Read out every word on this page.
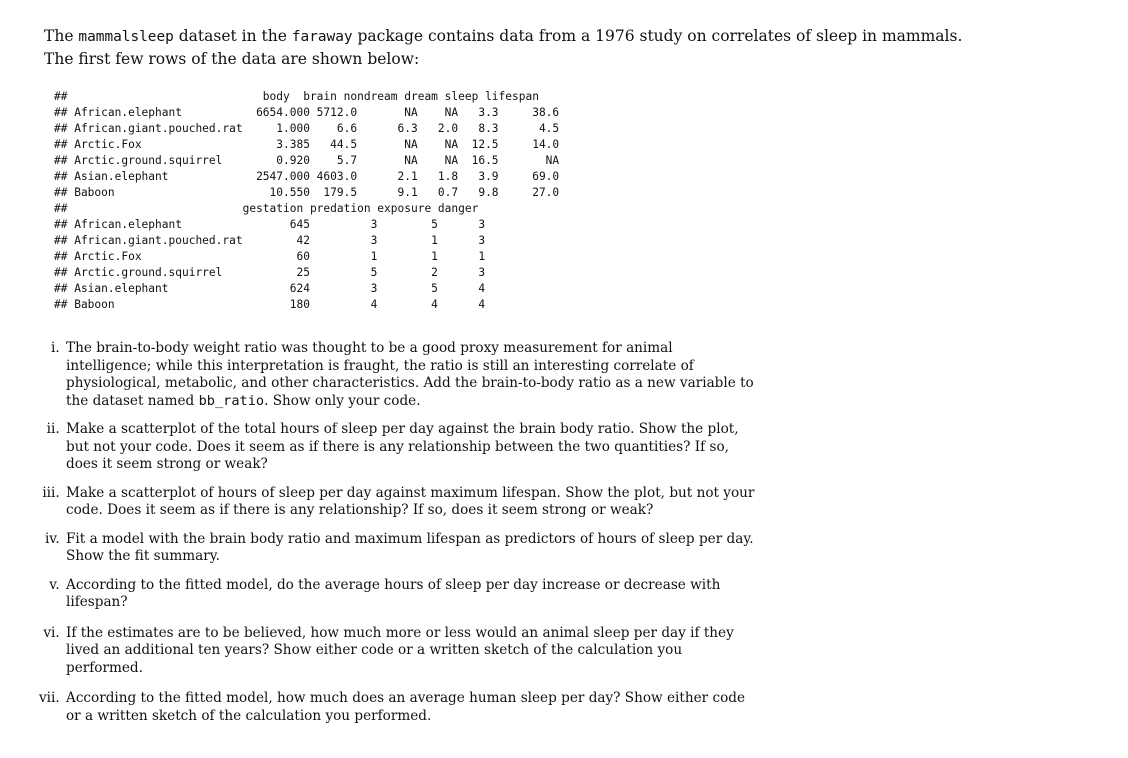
The mammalsleep dataset in the faraway package contains data from a 1976 study on correlates of sleep in mammals.
The first few rows of the data are shown below:
##                             body  brain nondream dream sleep lifespan
## African.elephant           6654.000 5712.0       NA    NA   3.3     38.6
## African.giant.pouched.rat     1.000    6.6      6.3   2.0   8.3      4.5
## Arctic.Fox                    3.385   44.5       NA    NA  12.5     14.0
## Arctic.ground.squirrel        0.920    5.7       NA    NA  16.5       NA
## Asian.elephant             2547.000 4603.0      2.1   1.8   3.9     69.0
## Baboon                       10.550  179.5      9.1   0.7   9.8     27.0
##                          gestation predation exposure danger
## African.elephant                645         3        5      3
## African.giant.pouched.rat        42         3        1      3
## Arctic.Fox                       60         1        1      1
## Arctic.ground.squirrel           25         5        2      3
## Asian.elephant                  624         3        5      4
## Baboon                          180         4        4      4
i. The brain-to-body weight ratio was thought to be a good proxy measurement for animal intelligence; while this interpretation is fraught, the ratio is still an interesting correlate of physiological, metabolic, and other characteristics. Add the brain-to-body ratio as a new variable to the dataset named bb_ratio. Show only your code.
ii. Make a scatterplot of the total hours of sleep per day against the brain body ratio. Show the plot, but not your code. Does it seem as if there is any relationship between the two quantities? If so, does it seem strong or weak?
iii. Make a scatterplot of hours of sleep per day against maximum lifespan. Show the plot, but not your code. Does it seem as if there is any relationship? If so, does it seem strong or weak?
iv. Fit a model with the brain body ratio and maximum lifespan as predictors of hours of sleep per day. Show the fit summary.
v. According to the fitted model, do the average hours of sleep per day increase or decrease with lifespan?
vi. If the estimates are to be believed, how much more or less would an animal sleep per day if they lived an additional ten years? Show either code or a written sketch of the calculation you performed.
vii. According to the fitted model, how much does an average human sleep per day? Show either code or a written sketch of the calculation you performed.
